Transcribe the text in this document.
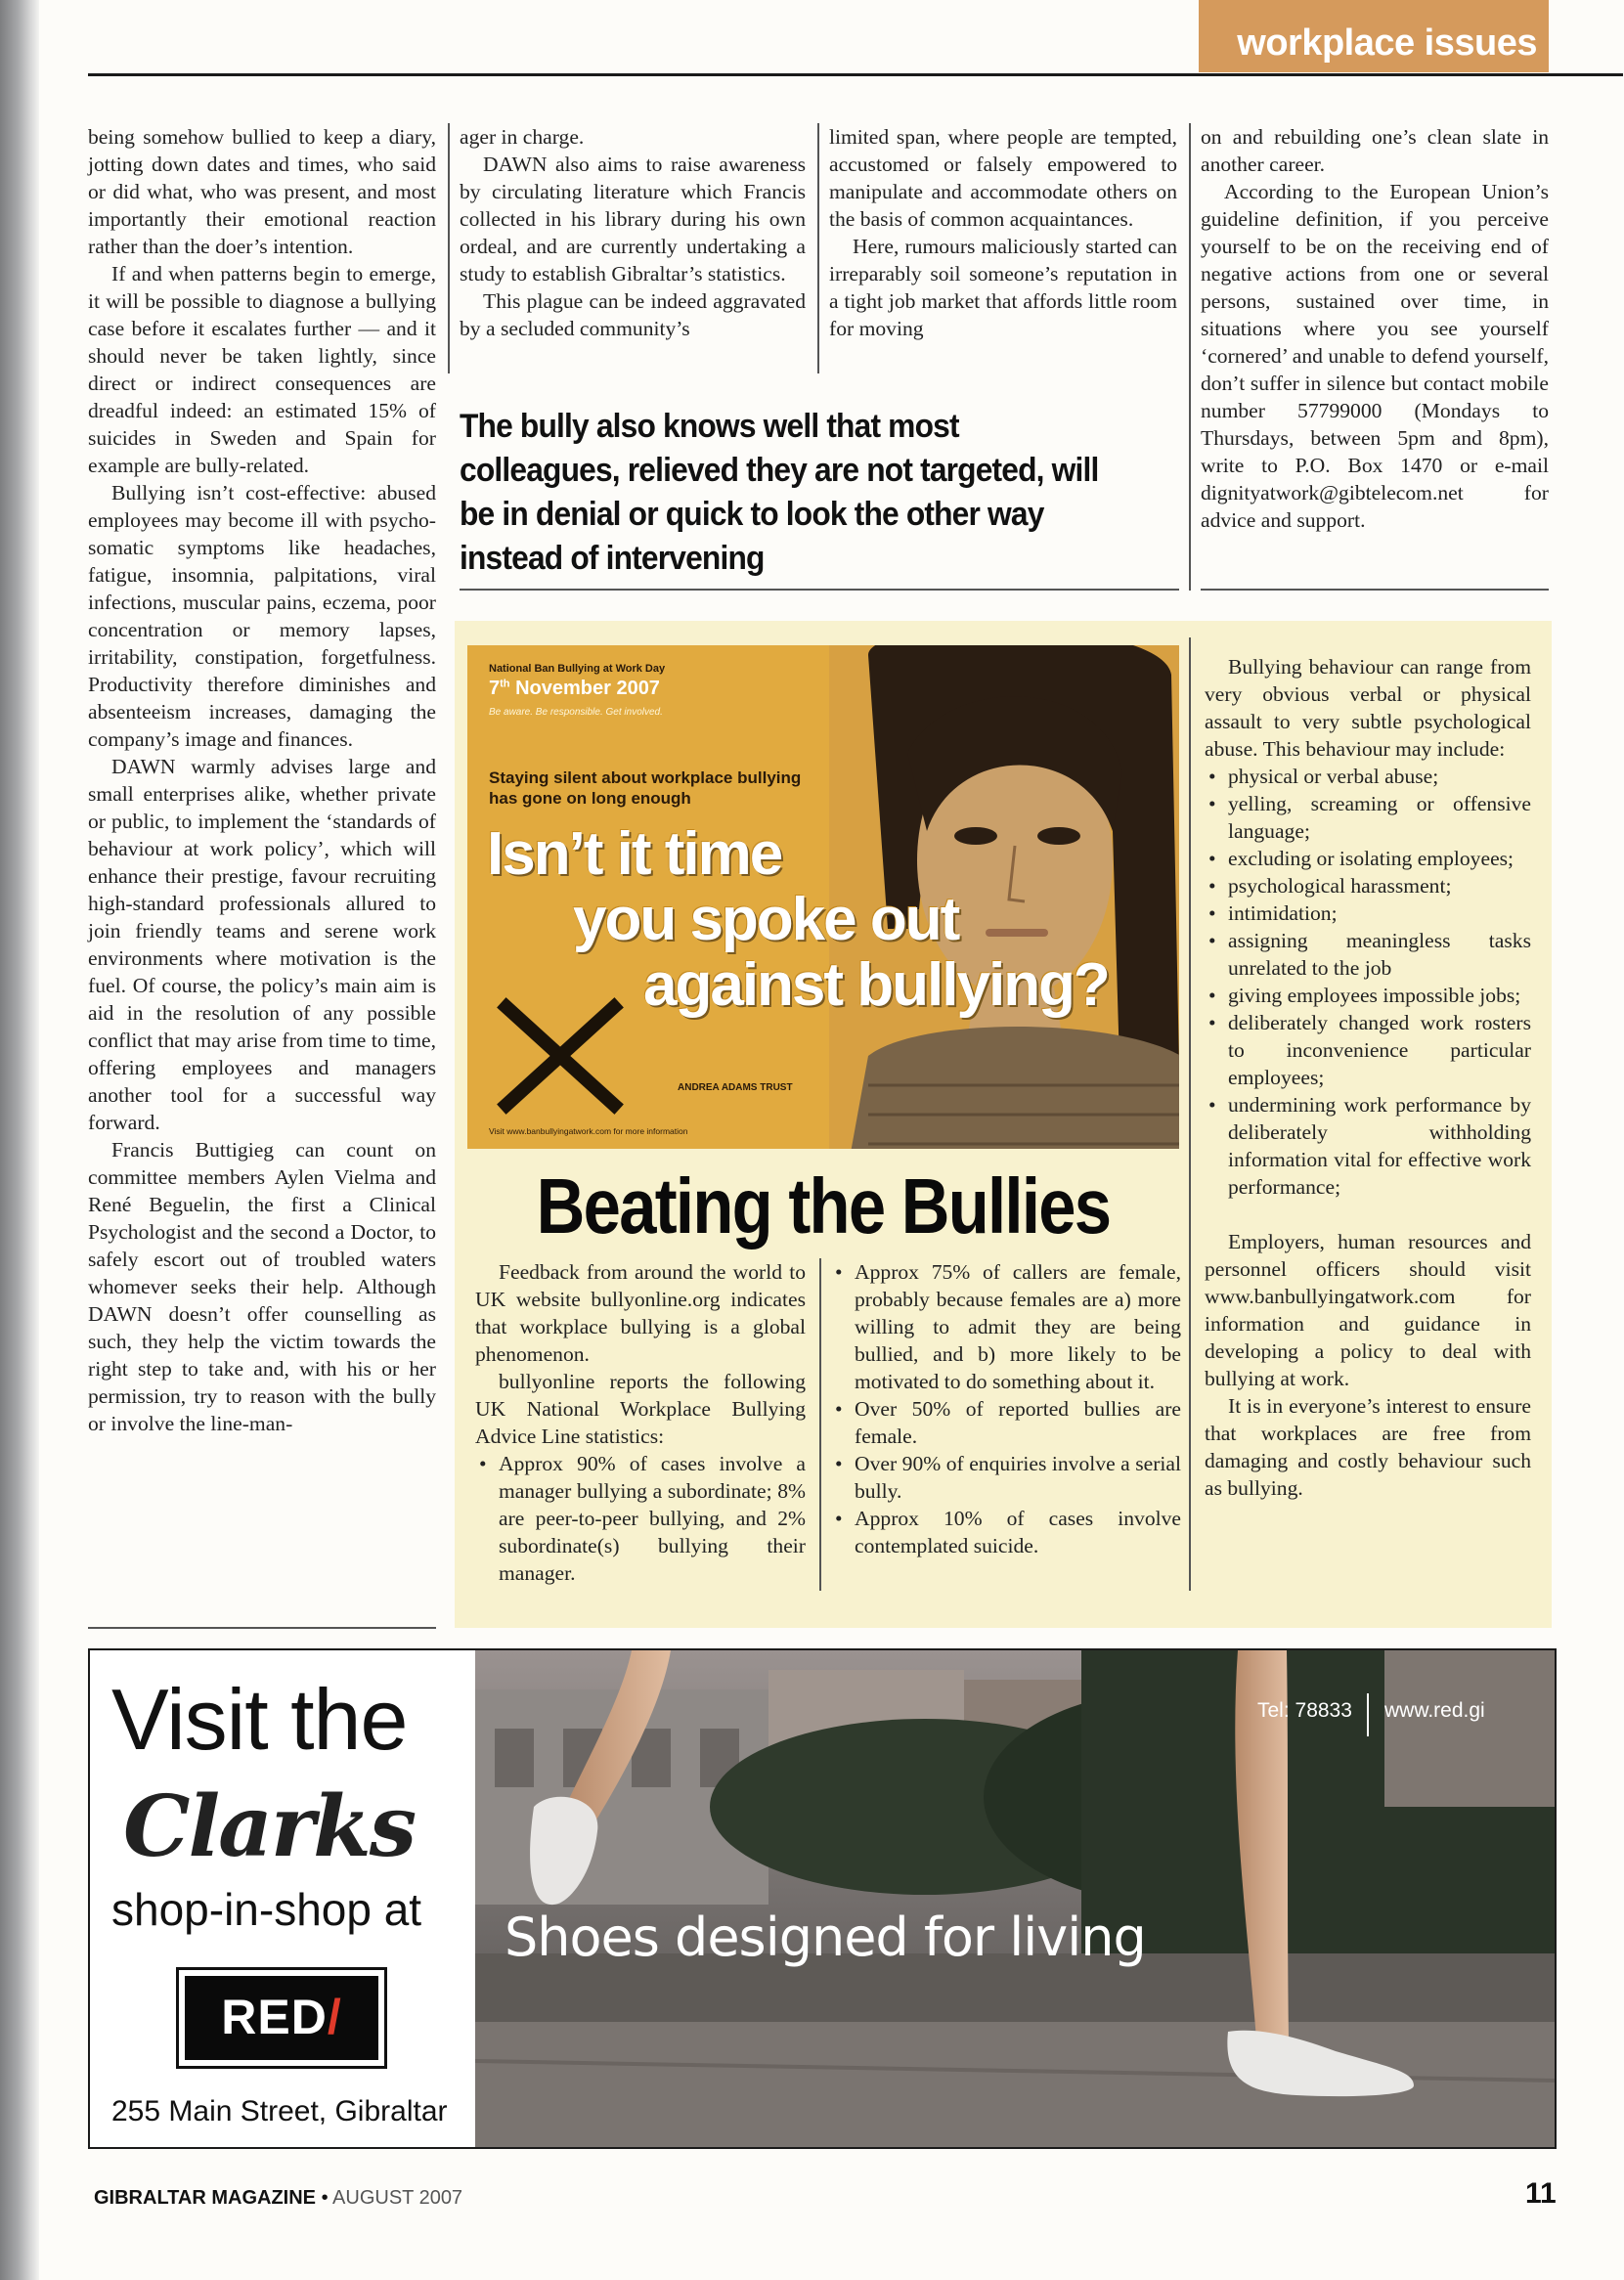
workplace issues

being somehow bullied to keep a diary, jotting down dates and times, who said or did what, who was present, and most importantly their emotional reaction rather than the doer’s intention.

If and when patterns begin to emerge, it will be possible to diagnose a bullying case before it escalates further — and it should never be taken lightly, since direct or indirect consequences are dreadful indeed: an estimated 15% of suicides in Sweden and Spain for example are bully-related.

Bullying isn’t cost-effective: abused employees may become ill with psycho-somatic symptoms like headaches, fatigue, insomnia, palpitations, viral infections, muscular pains, eczema, poor concentration or memory lapses, irritability, constipation, forgetfulness. Productivity therefore diminishes and absenteeism increases, damaging the company’s image and finances.

DAWN warmly advises large and small enterprises alike, whether private or public, to implement the ‘standards of behaviour at work policy’, which will enhance their prestige, favour recruiting high-standard professionals allured to join friendly teams and serene work environments where motivation is the fuel. Of course, the policy’s main aim is aid in the resolution of any possible conflict that may arise from time to time, offering employees and managers another tool for a successful way forward.

Francis Buttigieg can count on committee members Aylen Vielma and René Beguelin, the first a Clinical Psychologist and the second a Doctor, to safely escort out of troubled waters whomever seeks their help. Although DAWN doesn’t offer counselling as such, they help the victim towards the right step to take and, with his or her permission, try to reason with the bully or involve the line-man-

ager in charge.

DAWN also aims to raise awareness by circulating literature which Francis collected in his library during his own ordeal, and are currently undertaking a study to establish Gibraltar’s statistics.

This plague can be indeed aggravated by a secluded community’s

limited span, where people are tempted, accustomed or falsely empowered to manipulate and accommodate others on the basis of common acquaintances.

Here, rumours maliciously started can irreparably soil someone’s reputation in a tight job market that affords little room for moving

The bully also knows well that most colleagues, relieved they are not targeted, will be in denial or quick to look the other way instead of intervening

on and rebuilding one’s clean slate in another career.

According to the European Union’s guideline definition, if you perceive yourself to be on the receiving end of negative actions from one or several persons, sustained over time, in situations where you see yourself ‘cornered’ and unable to defend yourself, don’t suffer in silence but contact mobile number 57799000 (Mondays to Thursdays, between 5pm and 8pm), write to P.O. Box 1470 or e-mail dignityatwork@gibtelecom.net for advice and support.

National Ban Bullying at Work Day
7th November 2007
Be aware. Be responsible. Get involved.
Staying silent about workplace bullying has gone on long enough
Isn’t it time
you spoke out
against bullying?
ANDREA ADAMS TRUST
Visit www.banbullyingatwork.com for more information
Beating the Bullies

Feedback from around the world to UK website bullyonline.org indicates that workplace bullying is a global phenomenon.

bullyonline reports the following UK National Workplace Bullying Advice Line statistics:

• Approx 90% of cases involve a manager bullying a subordinate; 8% are peer-to-peer bullying, and 2% subordinate(s) bullying their manager.
• Approx 75% of callers are female, probably because females are a) more willing to admit they are being bullied, and b) more likely to be motivated to do something about it.
• Over 50% of reported bullies are female.
• Over 90% of enquiries involve a serial bully.
• Approx 10% of cases involve contemplated suicide.

Bullying behaviour can range from very obvious verbal or physical assault to very subtle psychological abuse. This behaviour may include:

• physical or verbal abuse;
• yelling, screaming or offensive language;
• excluding or isolating employees;
• psychological harassment;
• intimidation;
• assigning meaningless tasks unrelated to the job
• giving employees impossible jobs;
• deliberately changed work rosters to inconvenience particular employees;
• undermining work performance by deliberately withholding information vital for effective work performance;

Employers, human resources and personnel officers should visit www.banbullyingatwork.com for information and guidance in developing a policy to deal with bullying at work.

It is in everyone’s interest to ensure that workplaces are free from damaging and costly behaviour such as bullying.

Visit the
Clarks
shop-in-shop at
RED/
255 Main Street, Gibraltar
Tel: 78833 www.red.gi
Shoes designed for living
GIBRALTAR MAGAZINE • AUGUST 2007	11
